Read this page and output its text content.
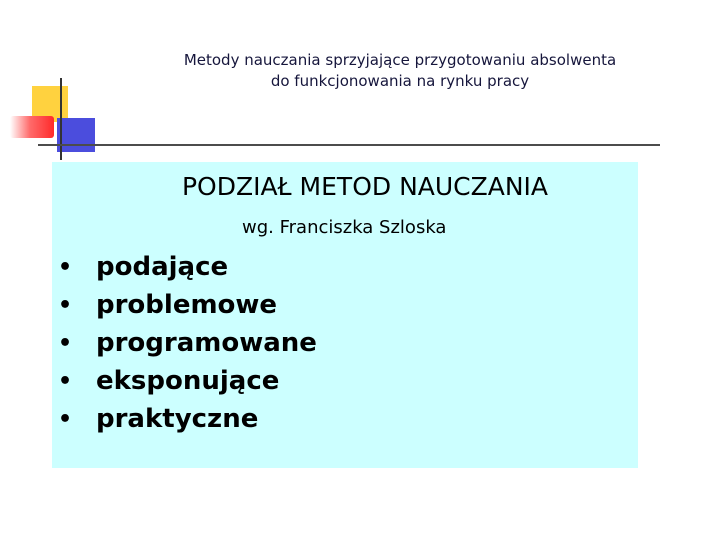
Metody nauczania sprzyjające przygotowaniu absolwenta
do funkcjonowania na rynku pracy
PODZIAŁ METOD NAUCZANIA
wg. Franciszka Szloska
• podające
• problemowe
• programowane
• eksponujące
• praktyczne
